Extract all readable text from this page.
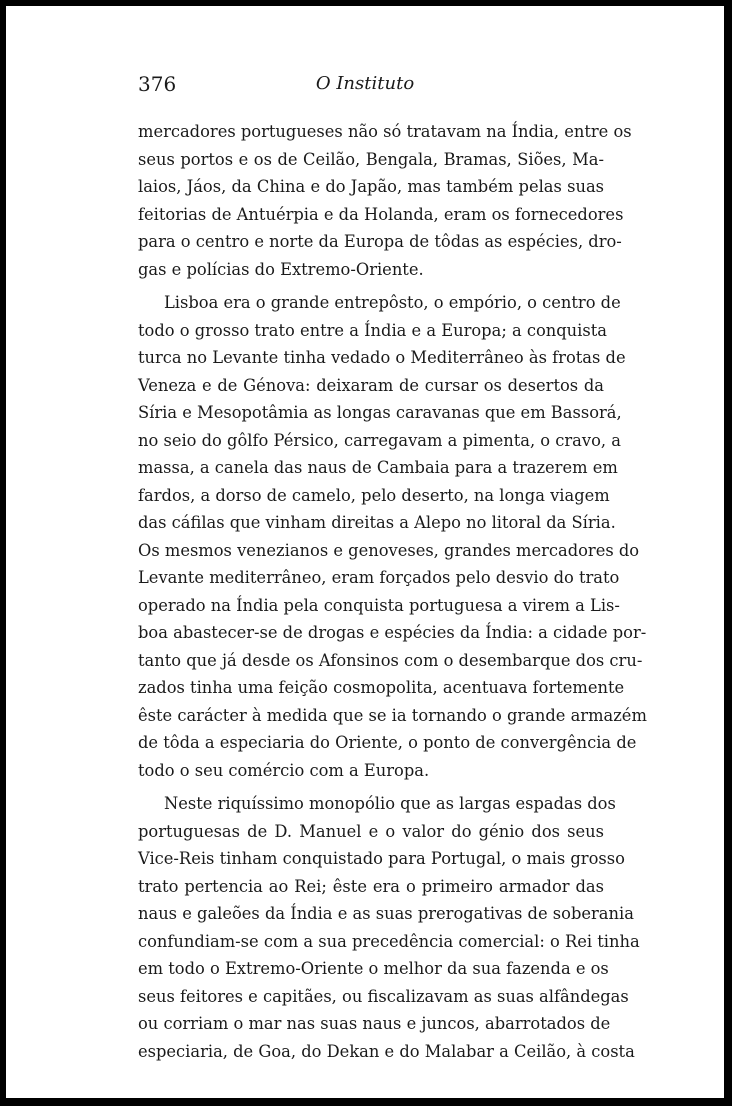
376	O Instituto
mercadores portugueses não só tratavam na Índia, entre os
seus portos e os de Ceilão, Bengala, Bramas, Siões, Ma-
laios, Jáos, da China e do Japão, mas também pelas suas
feitorias de Antuérpia e da Holanda, eram os fornecedores
para o centro e norte da Europa de tôdas as espécies, dro-
gas e polícias do Extremo-Oriente.
Lisboa era o grande entrepôsto, o empório, o centro de
todo o grosso trato entre a Índia e a Europa; a conquista
turca no Levante tinha vedado o Mediterrâneo às frotas de
Veneza e de Génova: deixaram de cursar os desertos da
Síria e Mesopotâmia as longas caravanas que em Bassorá,
no seio do gôlfo Pérsico, carregavam a pimenta, o cravo, a
massa, a canela das naus de Cambaia para a trazerem em
fardos, a dorso de camelo, pelo deserto, na longa viagem
das cáfilas que vinham direitas a Alepo no litoral da Síria.
Os mesmos venezianos e genoveses, grandes mercadores do
Levante mediterrâneo, eram forçados pelo desvio do trato
operado na Índia pela conquista portuguesa a virem a Lis-
boa abastecer-se de drogas e espécies da Índia: a cidade por-
tanto que já desde os Afonsinos com o desembarque dos cru-
zados tinha uma feição cosmopolita, acentuava fortemente
êste carácter à medida que se ia tornando o grande armazém
de tôda a especiaria do Oriente, o ponto de convergência de
todo o seu comércio com a Europa.
Neste riquíssimo monopólio que as largas espadas dos
portuguesas de D. Manuel e o valor do génio dos seus
Vice-Reis tinham conquistado para Portugal, o mais grosso
trato pertencia ao Rei; êste era o primeiro armador das
naus e galeões da Índia e as suas prerogativas de soberania
confundiam-se com a sua precedência comercial: o Rei tinha
em todo o Extremo-Oriente o melhor da sua fazenda e os
seus feitores e capitães, ou fiscalizavam as suas alfândegas
ou corriam o mar nas suas naus e juncos, abarrotados de
especiaria, de Goa, do Dekan e do Malabar a Ceilão, à costa
